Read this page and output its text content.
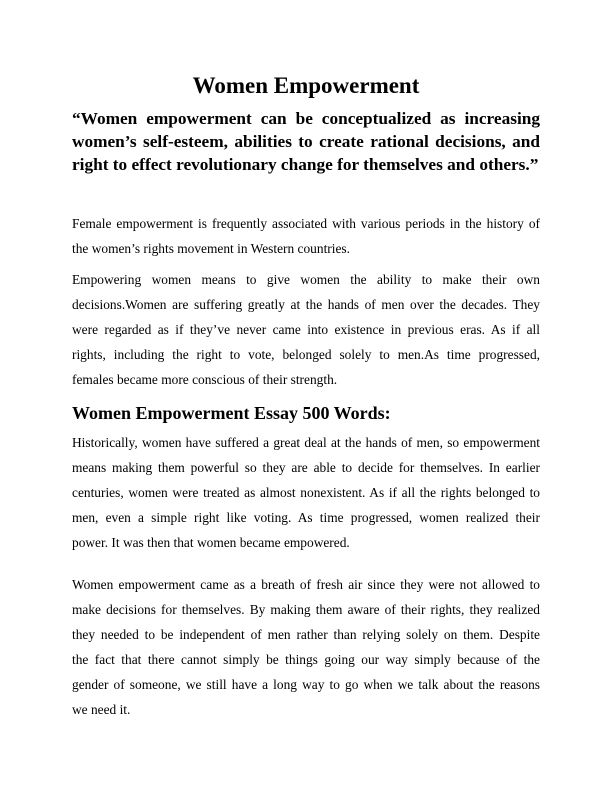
Women Empowerment
“Women empowerment can be conceptualized as increasing
women’s self-esteem, abilities to create rational decisions, and
right to effect revolutionary change for themselves and others.”
Female empowerment is frequently associated with various periods in the history of
the women’s rights movement in Western countries.
Empowering women means to give women the ability to make their own
decisions.Women are suffering greatly at the hands of men over the decades. They
were regarded as if they’ve never came into existence in previous eras. As if all
rights, including the right to vote, belonged solely to men.As time progressed,
females became more conscious of their strength.
Women Empowerment Essay 500 Words:
Historically, women have suffered a great deal at the hands of men, so empowerment
means making them powerful so they are able to decide for themselves. In earlier
centuries, women were treated as almost nonexistent. As if all the rights belonged to
men, even a simple right like voting. As time progressed, women realized their
power. It was then that women became empowered.
Women empowerment came as a breath of fresh air since they were not allowed to
make decisions for themselves. By making them aware of their rights, they realized
they needed to be independent of men rather than relying solely on them. Despite
the fact that there cannot simply be things going our way simply because of the
gender of someone, we still have a long way to go when we talk about the reasons
we need it.
